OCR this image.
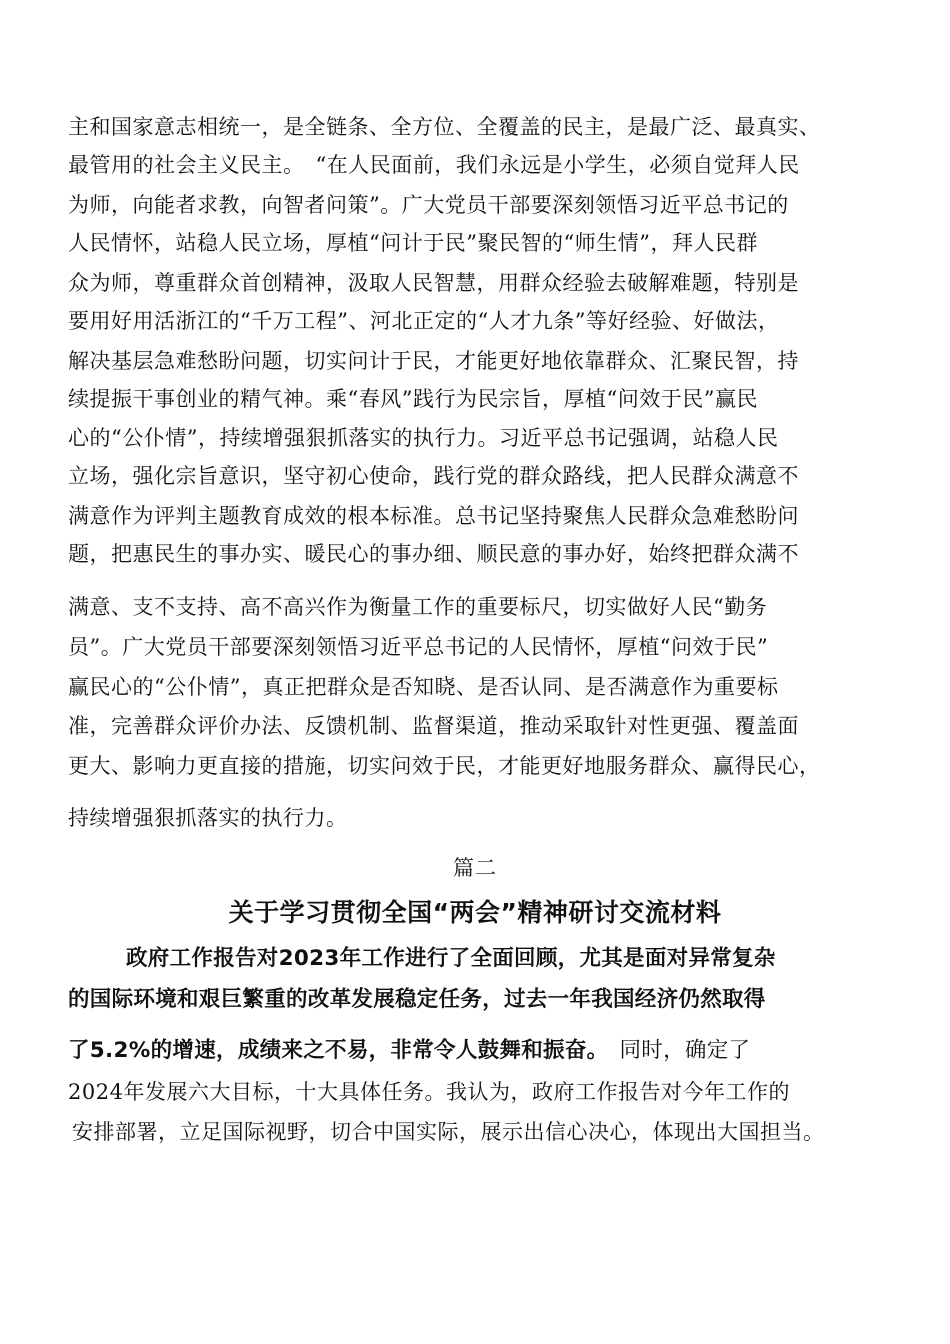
主和国家意志相统一，是全链条、全方位、全覆盖的民主，是最广泛、最真实、
最管用的社会主义民主。　“在人民面前，我们永远是小学生，必须自觉拜人民
为师，向能者求教，向智者问策”。广大党员干部要深刻领悟习近平总书记的
人民情怀，站稳人民立场，厚植“问计于民”聚民智的“师生情”，拜人民群
众为师，尊重群众首创精神，汲取人民智慧，用群众经验去破解难题，特别是
要用好用活浙江的“千万工程”、河北正定的“人才九条”等好经验、好做法，
解决基层急难愁盼问题，切实问计于民，才能更好地依靠群众、汇聚民智，持
续提振干事创业的精气神。乘“春风”践行为民宗旨，厚植“问效于民”赢民
心的“公仆情”，持续增强狠抓落实的执行力。习近平总书记强调，站稳人民
立场，强化宗旨意识，坚守初心使命，践行党的群众路线，把人民群众满意不
满意作为评判主题教育成效的根本标准。总书记坚持聚焦人民群众急难愁盼问
题，把惠民生的事办实、暖民心的事办细、顺民意的事办好，始终把群众满不
满意、支不支持、高不高兴作为衡量工作的重要标尺，切实做好人民“勤务
员”。广大党员干部要深刻领悟习近平总书记的人民情怀，厚植“问效于民”
赢民心的“公仆情”，真正把群众是否知晓、是否认同、是否满意作为重要标
准，完善群众评价办法、反馈机制、监督渠道，推动采取针对性更强、覆盖面
更大、影响力更直接的措施，切实问效于民，才能更好地服务群众、赢得民心，
持续增强狠抓落实的执行力。
篇二
关于学习贯彻全国“两会”精神研讨交流材料
政府工作报告对2023年工作进行了全面回顾，尤其是面对异常复杂
的国际环境和艰巨繁重的改革发展稳定任务，过去一年我国经济仍然取得
了5.2%的增速，成绩来之不易，非常令人鼓舞和振奋。　同时，确定了
2024年发展六大目标，十大具体任务。我认为，政府工作报告对今年工作的
安排部署，立足国际视野，切合中国实际，展示出信心决心，体现出大国担当。
